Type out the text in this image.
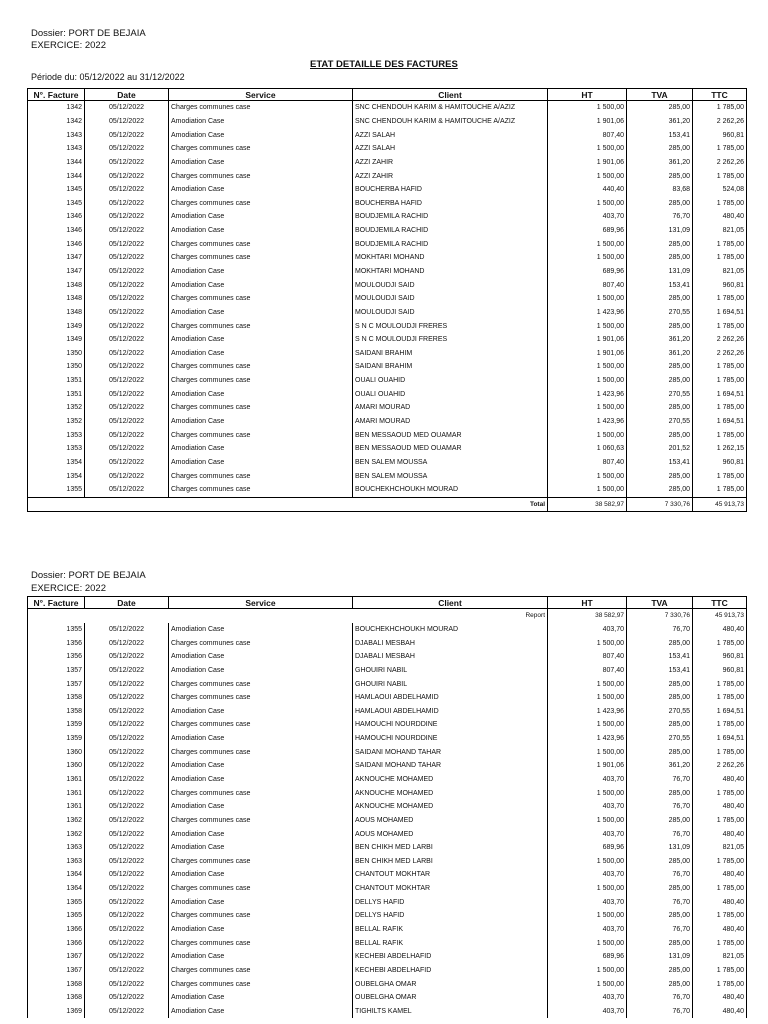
Dossier: PORT DE BEJAIA
EXERCICE: 2022
ETAT DETAILLE DES FACTURES
Période du: 05/12/2022 au 31/12/2022
N°. Facture	Date	Service	Client	HT	TVA	TTC
1342	05/12/2022	Charges communes case	SNC CHENDOUH KARIM & HAMITOUCHE A/AZIZ	1 500,00	285,00	1 785,00
1342	05/12/2022	Amodiation Case	SNC CHENDOUH KARIM & HAMITOUCHE A/AZIZ	1 901,06	361,20	2 262,26
1343	05/12/2022	Amodiation Case	AZZI SALAH	807,40	153,41	960,81
1343	05/12/2022	Charges communes case	AZZI SALAH	1 500,00	285,00	1 785,00
1344	05/12/2022	Amodiation Case	AZZI ZAHIR	1 901,06	361,20	2 262,26
1344	05/12/2022	Charges communes case	AZZI ZAHIR	1 500,00	285,00	1 785,00
1345	05/12/2022	Amodiation Case	BOUCHERBA HAFID	440,40	83,68	524,08
1345	05/12/2022	Charges communes case	BOUCHERBA HAFID	1 500,00	285,00	1 785,00
1346	05/12/2022	Amodiation Case	BOUDJEMILA RACHID	403,70	76,70	480,40
1346	05/12/2022	Amodiation Case	BOUDJEMILA RACHID	689,96	131,09	821,05
1346	05/12/2022	Charges communes case	BOUDJEMILA RACHID	1 500,00	285,00	1 785,00
1347	05/12/2022	Charges communes case	MOKHTARI MOHAND	1 500,00	285,00	1 785,00
1347	05/12/2022	Amodiation Case	MOKHTARI MOHAND	689,96	131,09	821,05
1348	05/12/2022	Amodiation Case	MOULOUDJI SAID	807,40	153,41	960,81
1348	05/12/2022	Charges communes case	MOULOUDJI SAID	1 500,00	285,00	1 785,00
1348	05/12/2022	Amodiation Case	MOULOUDJI SAID	1 423,96	270,55	1 694,51
1349	05/12/2022	Charges communes case	S N C MOULOUDJI FRERES	1 500,00	285,00	1 785,00
1349	05/12/2022	Amodiation Case	S N C MOULOUDJI FRERES	1 901,06	361,20	2 262,26
1350	05/12/2022	Amodiation Case	SAIDANI BRAHIM	1 901,06	361,20	2 262,26
1350	05/12/2022	Charges communes case	SAIDANI BRAHIM	1 500,00	285,00	1 785,00
1351	05/12/2022	Charges communes case	OUALI OUAHID	1 500,00	285,00	1 785,00
1351	05/12/2022	Amodiation Case	OUALI OUAHID	1 423,96	270,55	1 694,51
1352	05/12/2022	Charges communes case	AMARI MOURAD	1 500,00	285,00	1 785,00
1352	05/12/2022	Amodiation Case	AMARI MOURAD	1 423,96	270,55	1 694,51
1353	05/12/2022	Charges communes case	BEN MESSAOUD MED OUAMAR	1 500,00	285,00	1 785,00
1353	05/12/2022	Amodiation Case	BEN MESSAOUD MED OUAMAR	1 060,63	201,52	1 262,15
1354	05/12/2022	Amodiation Case	BEN SALEM MOUSSA	807,40	153,41	960,81
1354	05/12/2022	Charges communes case	BEN SALEM MOUSSA	1 500,00	285,00	1 785,00
1355	05/12/2022	Charges communes case	BOUCHEKHCHOUKH MOURAD	1 500,00	285,00	1 785,00
Total				38 582,97	7 330,76	45 913,73
Dossier: PORT DE BEJAIA
EXERCICE: 2022
N°. Facture	Date	Service	Client	HT	TVA	TTC
Report				38 582,97	7 330,76	45 913,73
1355	05/12/2022	Amodiation Case	BOUCHEKHCHOUKH MOURAD	403,70	76,70	480,40
1356	05/12/2022	Charges communes case	DJABALI MESBAH	1 500,00	285,00	1 785,00
1356	05/12/2022	Amodiation Case	DJABALI MESBAH	807,40	153,41	960,81
1357	05/12/2022	Amodiation Case	GHOUIRI NABIL	807,40	153,41	960,81
1357	05/12/2022	Charges communes case	GHOUIRI NABIL	1 500,00	285,00	1 785,00
1358	05/12/2022	Charges communes case	HAMLAOUI ABDELHAMID	1 500,00	285,00	1 785,00
1358	05/12/2022	Amodiation Case	HAMLAOUI ABDELHAMID	1 423,96	270,55	1 694,51
1359	05/12/2022	Charges communes case	HAMOUCHI NOURDDINE	1 500,00	285,00	1 785,00
1359	05/12/2022	Amodiation Case	HAMOUCHI NOURDDINE	1 423,96	270,55	1 694,51
1360	05/12/2022	Charges communes case	SAIDANI MOHAND TAHAR	1 500,00	285,00	1 785,00
1360	05/12/2022	Amodiation Case	SAIDANI MOHAND TAHAR	1 901,06	361,20	2 262,26
1361	05/12/2022	Amodiation Case	AKNOUCHE MOHAMED	403,70	76,70	480,40
1361	05/12/2022	Charges communes case	AKNOUCHE MOHAMED	1 500,00	285,00	1 785,00
1361	05/12/2022	Amodiation Case	AKNOUCHE MOHAMED	403,70	76,70	480,40
1362	05/12/2022	Charges communes case	AOUS MOHAMED	1 500,00	285,00	1 785,00
1362	05/12/2022	Amodiation Case	AOUS MOHAMED	403,70	76,70	480,40
1363	05/12/2022	Amodiation Case	BEN CHIKH MED LARBI	689,96	131,09	821,05
1363	05/12/2022	Charges communes case	BEN CHIKH MED LARBI	1 500,00	285,00	1 785,00
1364	05/12/2022	Amodiation Case	CHANTOUT MOKHTAR	403,70	76,70	480,40
1364	05/12/2022	Charges communes case	CHANTOUT MOKHTAR	1 500,00	285,00	1 785,00
1365	05/12/2022	Amodiation Case	DELLYS HAFID	403,70	76,70	480,40
1365	05/12/2022	Charges communes case	DELLYS HAFID	1 500,00	285,00	1 785,00
1366	05/12/2022	Amodiation Case	BELLAL RAFIK	403,70	76,70	480,40
1366	05/12/2022	Charges communes case	BELLAL RAFIK	1 500,00	285,00	1 785,00
1367	05/12/2022	Amodiation Case	KECHEBI ABDELHAFID	689,96	131,09	821,05
1367	05/12/2022	Charges communes case	KECHEBI ABDELHAFID	1 500,00	285,00	1 785,00
1368	05/12/2022	Charges communes case	OUBELGHA OMAR	1 500,00	285,00	1 785,00
1368	05/12/2022	Amodiation Case	OUBELGHA OMAR	403,70	76,70	480,40
1369	05/12/2022	Amodiation Case	TIGHILTS KAMEL	403,70	76,70	480,40
